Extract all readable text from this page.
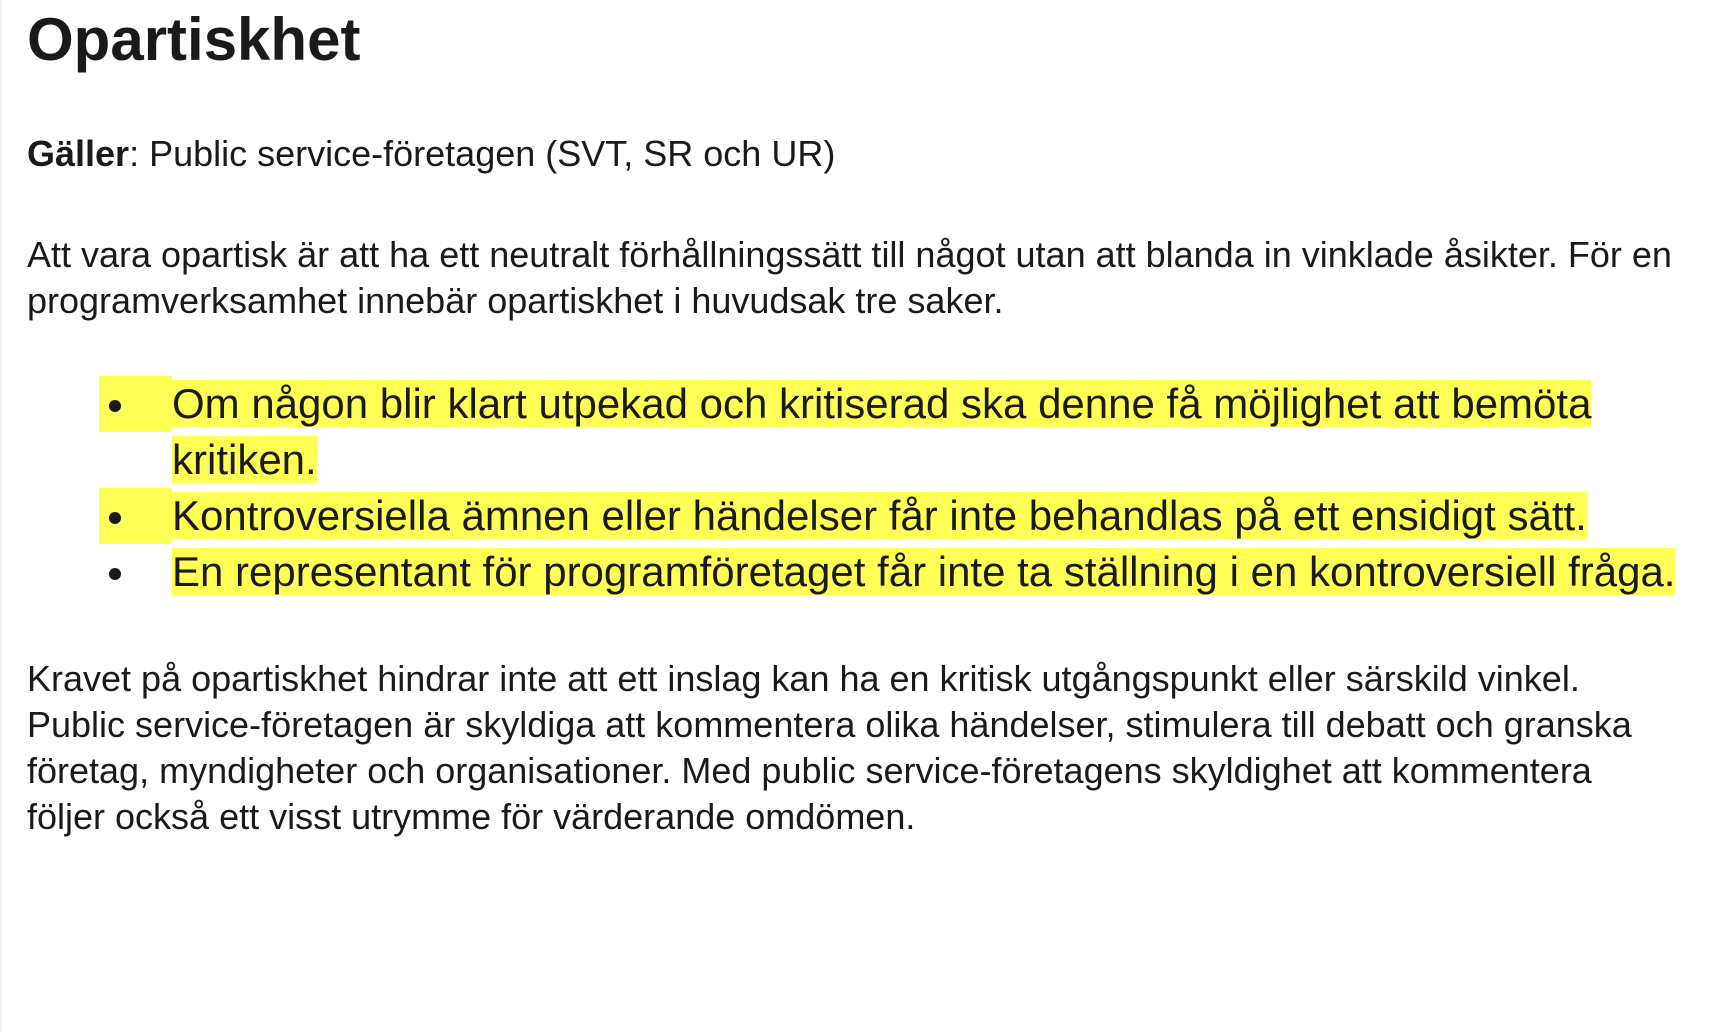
Opartiskhet

Gäller: Public service-företagen (SVT, SR och UR)

Att vara opartisk är att ha ett neutralt förhållningssätt till något utan att blanda in vinklade åsikter. För en programverksamhet innebär opartiskhet i huvudsak tre saker.

Om någon blir klart utpekad och kritiserad ska denne få möjlighet att bemöta kritiken.
Kontroversiella ämnen eller händelser får inte behandlas på ett ensidigt sätt.
En representant för programföretaget får inte ta ställning i en kontroversiell fråga.

Kravet på opartiskhet hindrar inte att ett inslag kan ha en kritisk utgångspunkt eller särskild vinkel. Public service-företagen är skyldiga att kommentera olika händelser, stimulera till debatt och granska företag, myndigheter och organisationer. Med public service-företagens skyldighet att kommentera följer också ett visst utrymme för värderande omdömen.
